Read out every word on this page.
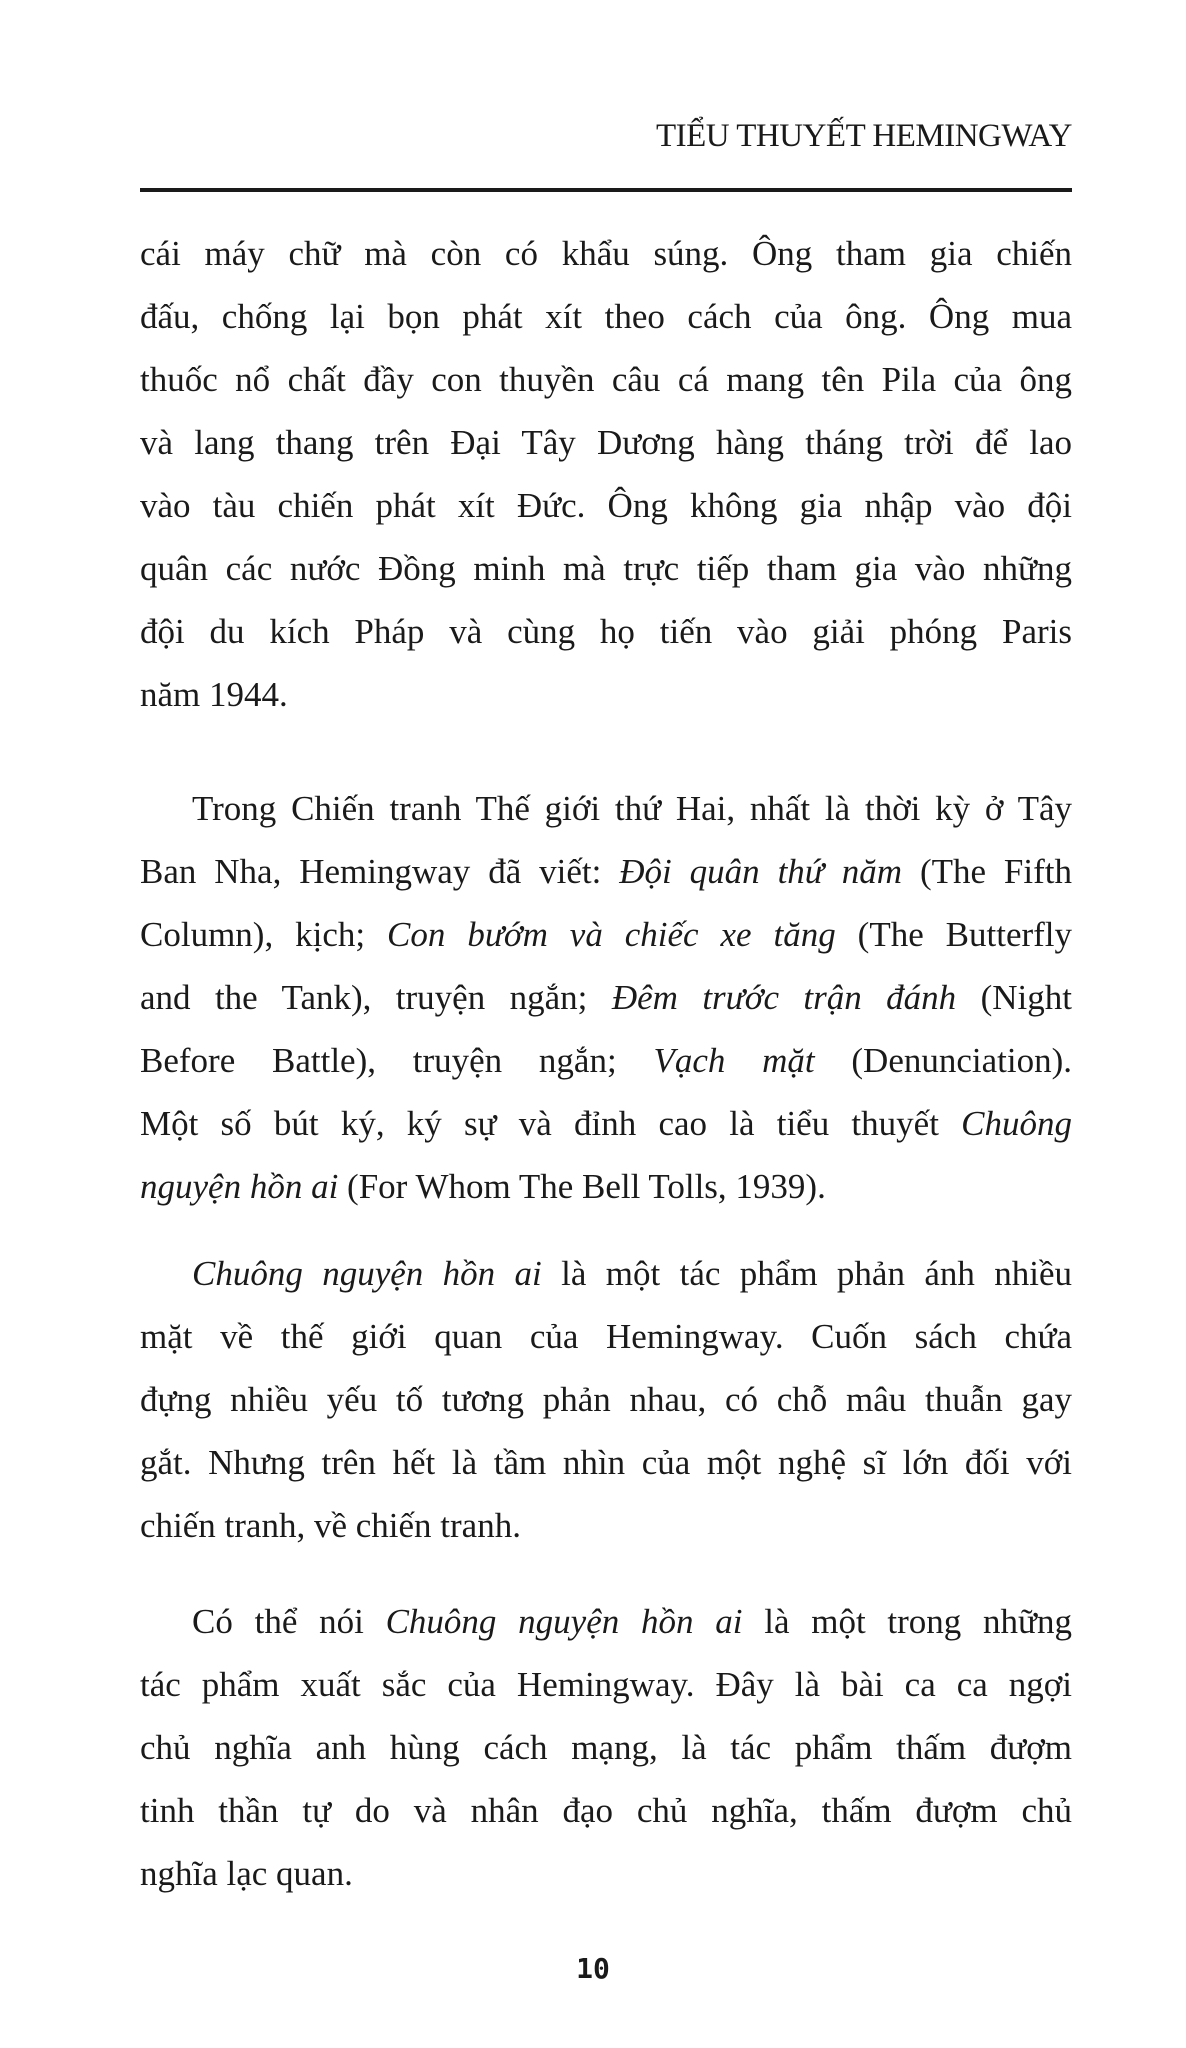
TIỂU THUYẾT HEMINGWAY
cái máy chữ mà còn có khẩu súng. Ông tham gia chiến
đấu, chống lại bọn phát xít theo cách của ông. Ông mua
thuốc nổ chất đầy con thuyền câu cá mang tên Pila của ông
và lang thang trên Đại Tây Dương hàng tháng trời để lao
vào tàu chiến phát xít Đức. Ông không gia nhập vào đội
quân các nước Đồng minh mà trực tiếp tham gia vào những
đội du kích Pháp và cùng họ tiến vào giải phóng Paris
năm 1944.
Trong Chiến tranh Thế giới thứ Hai, nhất là thời kỳ ở Tây
Ban Nha, Hemingway đã viết: Đội quân thứ năm (The Fifth
Column), kịch; Con bướm và chiếc xe tăng (The Butterfly
and the Tank), truyện ngắn; Đêm trước trận đánh (Night
Before Battle), truyện ngắn; Vạch mặt (Denunciation).
Một số bút ký, ký sự và đỉnh cao là tiểu thuyết Chuông
nguyện hồn ai (For Whom The Bell Tolls, 1939).
Chuông nguyện hồn ai là một tác phẩm phản ánh nhiều
mặt về thế giới quan của Hemingway. Cuốn sách chứa
đựng nhiều yếu tố tương phản nhau, có chỗ mâu thuẫn gay
gắt. Nhưng trên hết là tầm nhìn của một nghệ sĩ lớn đối với
chiến tranh, về chiến tranh.
Có thể nói Chuông nguyện hồn ai là một trong những
tác phẩm xuất sắc của Hemingway. Đây là bài ca ca ngợi
chủ nghĩa anh hùng cách mạng, là tác phẩm thấm đượm
tinh thần tự do và nhân đạo chủ nghĩa, thấm đượm chủ
nghĩa lạc quan.
10
